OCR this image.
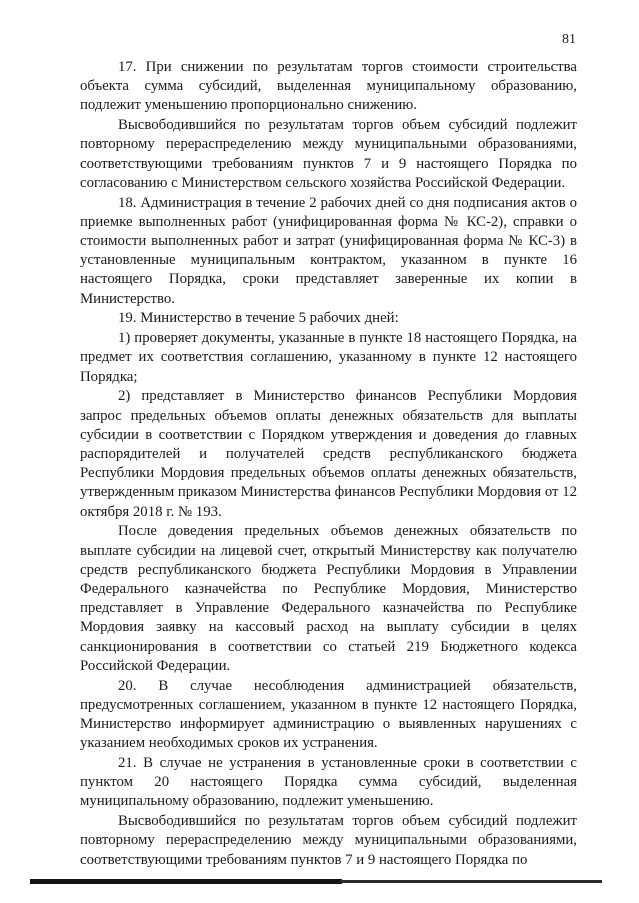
81

17. При снижении по результатам торгов стоимости строительства объекта сумма субсидий, выделенная муниципальному образованию, подлежит уменьшению пропорционально снижению.

Высвободившийся по результатам торгов объем субсидий подлежит повторному перераспределению между муниципальными образованиями, соответствующими требованиям пунктов 7 и 9 настоящего Порядка по согласованию с Министерством сельского хозяйства Российской Федерации.

18. Администрация в течение 2 рабочих дней со дня подписания актов о приемке выполненных работ (унифицированная форма № КС-2), справки о стоимости выполненных работ и затрат (унифицированная форма № КС-3) в установленные муниципальным контрактом, указанном в пункте 16 настоящего Порядка, сроки представляет заверенные их копии в Министерство.

19. Министерство в течение 5 рабочих дней:

1) проверяет документы, указанные в пункте 18 настоящего Порядка, на предмет их соответствия соглашению, указанному в пункте 12 настоящего Порядка;

2) представляет в Министерство финансов Республики Мордовия запрос предельных объемов оплаты денежных обязательств для выплаты субсидии в соответствии с Порядком утверждения и доведения до главных распорядителей и получателей средств республиканского бюджета Республики Мордовия предельных объемов оплаты денежных обязательств, утвержденным приказом Министерства финансов Республики Мордовия от 12 октября 2018 г. № 193.

После доведения предельных объемов денежных обязательств по выплате субсидии на лицевой счет, открытый Министерству как получателю средств республиканского бюджета Республики Мордовия в Управлении Федерального казначейства по Республике Мордовия, Министерство представляет в Управление Федерального казначейства по Республике Мордовия заявку на кассовый расход на выплату субсидии в целях санкционирования в соответствии со статьей 219 Бюджетного кодекса Российской Федерации.

20. В случае несоблюдения администрацией обязательств, предусмотренных соглашением, указанном в пункте 12 настоящего Порядка, Министерство информирует администрацию о выявленных нарушениях с указанием необходимых сроков их устранения.

21. В случае не устранения в установленные сроки в соответствии с пунктом 20 настоящего Порядка сумма субсидий, выделенная муниципальному образованию, подлежит уменьшению.

Высвободившийся по результатам торгов объем субсидий подлежит повторному перераспределению между муниципальными образованиями, соответствующими требованиям пунктов 7 и 9 настоящего Порядка по
